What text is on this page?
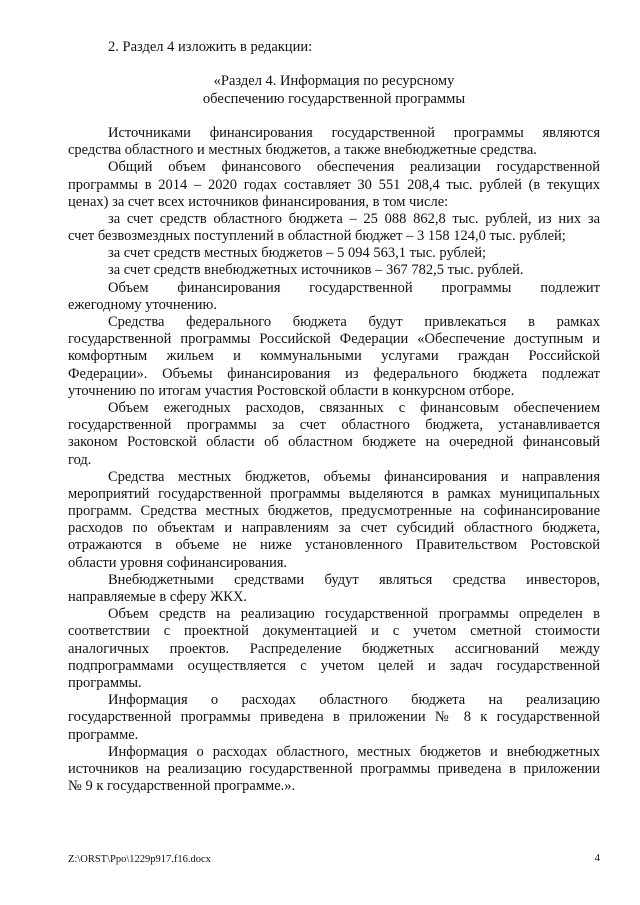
2. Раздел 4 изложить в редакции:
«Раздел 4. Информация по ресурсному
обеспечению государственной программы
Источниками финансирования государственной программы являются
средства областного и местных бюджетов, а также внебюджетные средства.
Общий объем финансового обеспечения реализации государственной
программы в 2014 – 2020 годах составляет 30 551 208,4 тыс. рублей (в текущих
ценах) за счет всех источников финансирования, в том числе:
за счет средств областного бюджета – 25 088 862,8 тыс. рублей, из них за
счет безвозмездных поступлений в областной бюджет – 3 158 124,0 тыс. рублей;
за счет средств местных бюджетов – 5 094 563,1 тыс. рублей;
за счет средств внебюджетных источников – 367 782,5 тыс. рублей.
Объем финансирования государственной программы подлежит
ежегодному уточнению.
Средства федерального бюджета будут привлекаться в рамках
государственной программы Российской Федерации «Обеспечение доступным и
комфортным жильем и коммунальными услугами граждан Российской
Федерации». Объемы финансирования из федерального бюджета подлежат
уточнению по итогам участия Ростовской области в конкурсном отборе.
Объем ежегодных расходов, связанных с финансовым обеспечением
государственной программы за счет областного бюджета, устанавливается
законом Ростовской области об областном бюджете на очередной финансовый
год.
Средства местных бюджетов, объемы финансирования и направления
мероприятий государственной программы выделяются в рамках муниципальных
программ. Средства местных бюджетов, предусмотренные на софинансирование
расходов по объектам и направлениям за счет субсидий областного бюджета,
отражаются в объеме не ниже установленного Правительством Ростовской
области уровня софинансирования.
Внебюджетными средствами будут являться средства инвесторов,
направляемые в сферу ЖКХ.
Объем средств на реализацию государственной программы определен в
соответствии с проектной документацией и с учетом сметной стоимости
аналогичных проектов. Распределение бюджетных ассигнований между
подпрограммами осуществляется с учетом целей и задач государственной
программы.
Информация о расходах областного бюджета на реализацию
государственной программы приведена в приложении № 8 к государственной
программе.
Информация о расходах областного, местных бюджетов и внебюджетных
источников на реализацию государственной программы приведена в приложении
№ 9 к государственной программе.».
Z:\ORST\Ppo\1229p917.f16.docx	4
